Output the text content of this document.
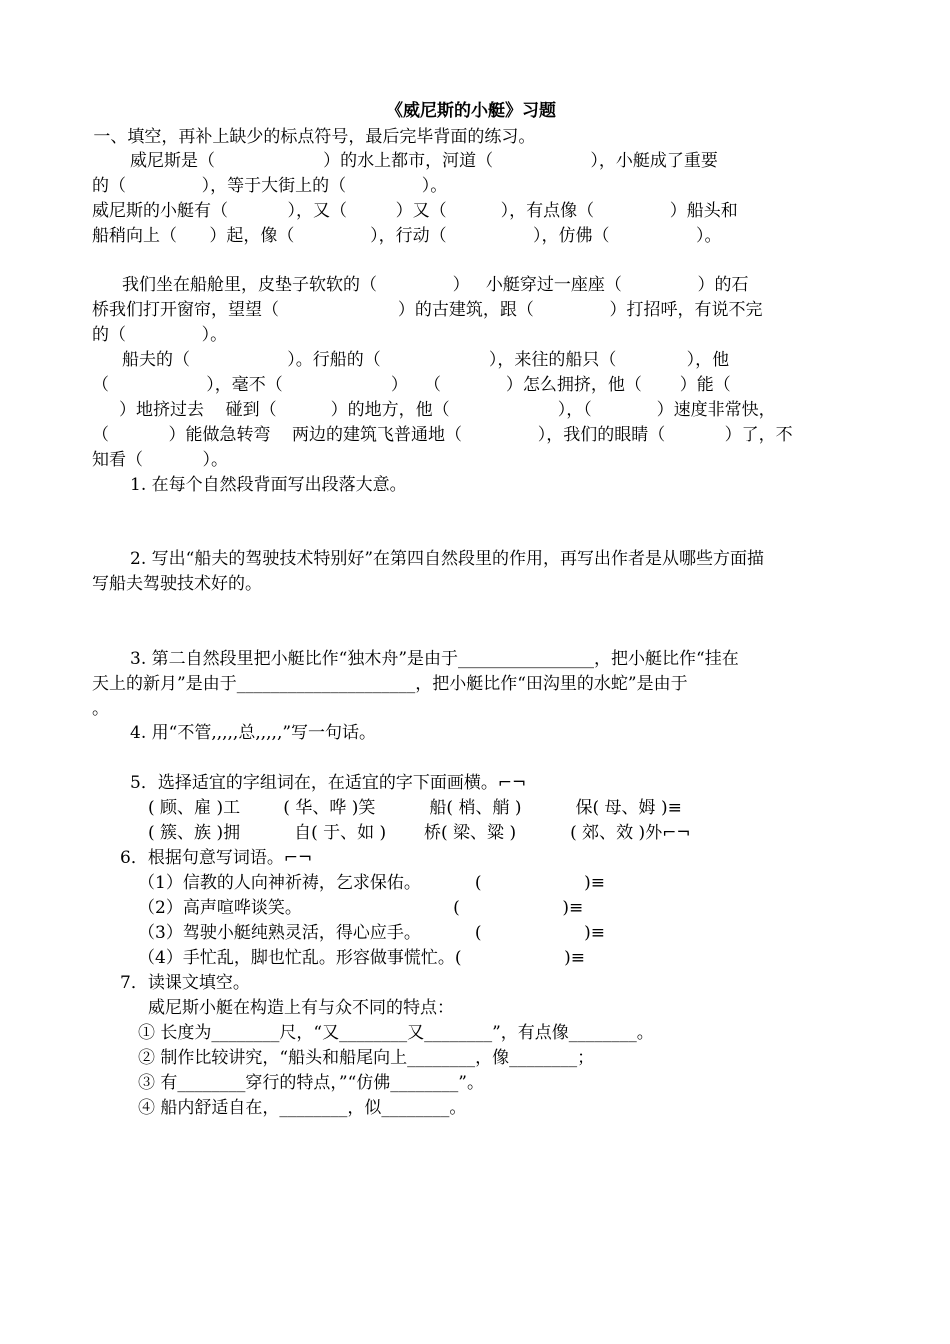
《威尼斯的小艇》习题
一、填空，再补上缺少的标点符号，最后完毕背面的练习。
威尼斯是（                    ）的水上都市，河道（                  ），小艇成了重要
的（              ），等于大街上的（              ）。
威尼斯的小艇有（           ），又（         ）又（          ），有点像（              ）船头和
船稍向上（      ）起，像（              ），行动（                ），仿佛（                ）。
我们坐在船舱里，皮垫子软软的（              ）   小艇穿过一座座（              ）的石
桥我们打开窗帘，望望（                      ）的古建筑，跟（              ）打招呼，有说不完
的（              ）。
船夫的（                  ）。行船的（                    ），来往的船只（             ），他
（                  ），毫不（                    ）   （            ）怎么拥挤，他（       ）能（
）地挤过去    碰到（          ）的地方，他（                    ），（            ）速度非常快，
（           ）能做急转弯    两边的建筑飞普通地（              ），我们的眼睛（           ）了，不
知看（           ）。
1. 在每个自然段背面写出段落大意。
2. 写出“船夫的驾驶技术特别好”在第四自然段里的作用，再写出作者是从哪些方面描
写船夫驾驶技术好的。
3. 第二自然段里把小艇比作“独木舟”是由于________________，把小艇比作“挂在
天上的新月”是由于_____________________，把小艇比作“田沟里的水蛇”是由于
。
4. 用“不管,,,,,总,,,,,”写一句话。
5．选择适宜的字组词在，在适宜的字下面画横。⌐¬
( 顾、雇 )工        ( 华、哗 )笑          船( 梢、艄 )          保( 母、姆 )≡
( 簇、族 )拥          自( 于、如 )       桥( 梁、粱 )          ( 郊、效 )外⌐¬
6．根据句意写词语。⌐¬
（1）信教的人向神祈祷，乞求保佑。          (                   )≡
（2）高声喧哗谈笑。                            (                   )≡
（3）驾驶小艇纯熟灵活，得心应手。          (                   )≡
（4）手忙乱，脚也忙乱。形容做事慌忙。(                   )≡
7．读课文填空。
威尼斯小艇在构造上有与众不同的特点：
① 长度为________尺，“又________又________”，有点像________。
② 制作比较讲究，“船头和船尾向上________，像________；
③ 有________穿行的特点，”“仿佛________”。
④ 船内舒适自在，________，似________。
